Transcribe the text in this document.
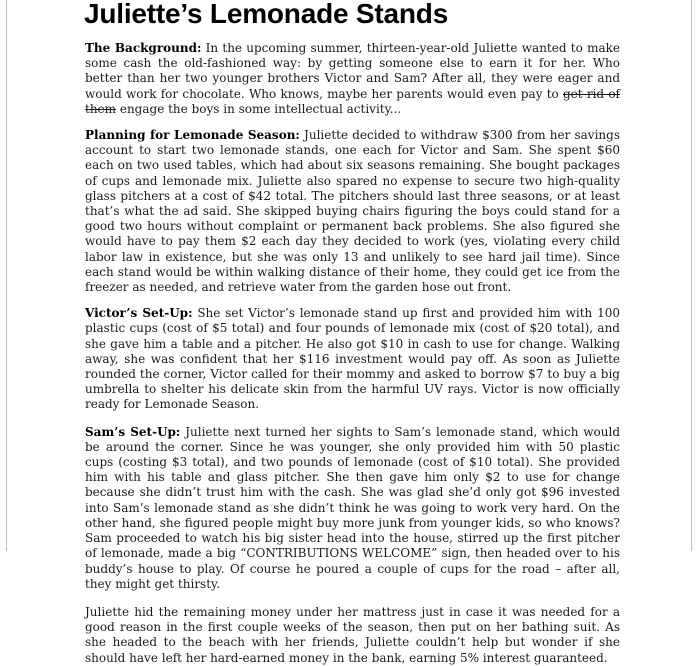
Juliette’s Lemonade Stands

The Background: In the upcoming summer, thirteen-year-old Juliette wanted to make some cash the old-fashioned way: by getting someone else to earn it for her. Who better than her two younger brothers Victor and Sam? After all, they were eager and would work for chocolate. Who knows, maybe her parents would even pay to get rid of them engage the boys in some intellectual activity...

Planning for Lemonade Season: Juliette decided to withdraw $300 from her savings account to start two lemonade stands, one each for Victor and Sam. She spent $60 each on two used tables, which had about six seasons remaining. She bought packages of cups and lemonade mix. Juliette also spared no expense to secure two high-quality glass pitchers at a cost of $42 total. The pitchers should last three seasons, or at least that’s what the ad said. She skipped buying chairs figuring the boys could stand for a good two hours without complaint or permanent back problems. She also figured she would have to pay them $2 each day they decided to work (yes, violating every child labor law in existence, but she was only 13 and unlikely to see hard jail time). Since each stand would be within walking distance of their home, they could get ice from the freezer as needed, and retrieve water from the garden hose out front.

Victor’s Set-Up: She set Victor’s lemonade stand up first and provided him with 100 plastic cups (cost of $5 total) and four pounds of lemonade mix (cost of $20 total), and she gave him a table and a pitcher. He also got $10 in cash to use for change. Walking away, she was confident that her $116 investment would pay off. As soon as Juliette rounded the corner, Victor called for their mommy and asked to borrow $7 to buy a big umbrella to shelter his delicate skin from the harmful UV rays. Victor is now officially ready for Lemonade Season.

Sam’s Set-Up: Juliette next turned her sights to Sam’s lemonade stand, which would be around the corner. Since he was younger, she only provided him with 50 plastic cups (costing $3 total), and two pounds of lemonade (cost of $10 total). She provided him with his table and glass pitcher. She then gave him only $2 to use for change because she didn’t trust him with the cash. She was glad she’d only got $96 invested into Sam’s lemonade stand as she didn’t think he was going to work very hard. On the other hand, she figured people might buy more junk from younger kids, so who knows? Sam proceeded to watch his big sister head into the house, stirred up the first pitcher of lemonade, made a big “CONTRIBUTIONS WELCOME” sign, then headed over to his buddy’s house to play. Of course he poured a couple of cups for the road – after all, they might get thirsty.

Juliette hid the remaining money under her mattress just in case it was needed for a good reason in the first couple weeks of the season, then put on her bathing suit. As she headed to the beach with her friends, Juliette couldn’t help but wonder if she should have left her hard-earned money in the bank, earning 5% interest guaranteed.
